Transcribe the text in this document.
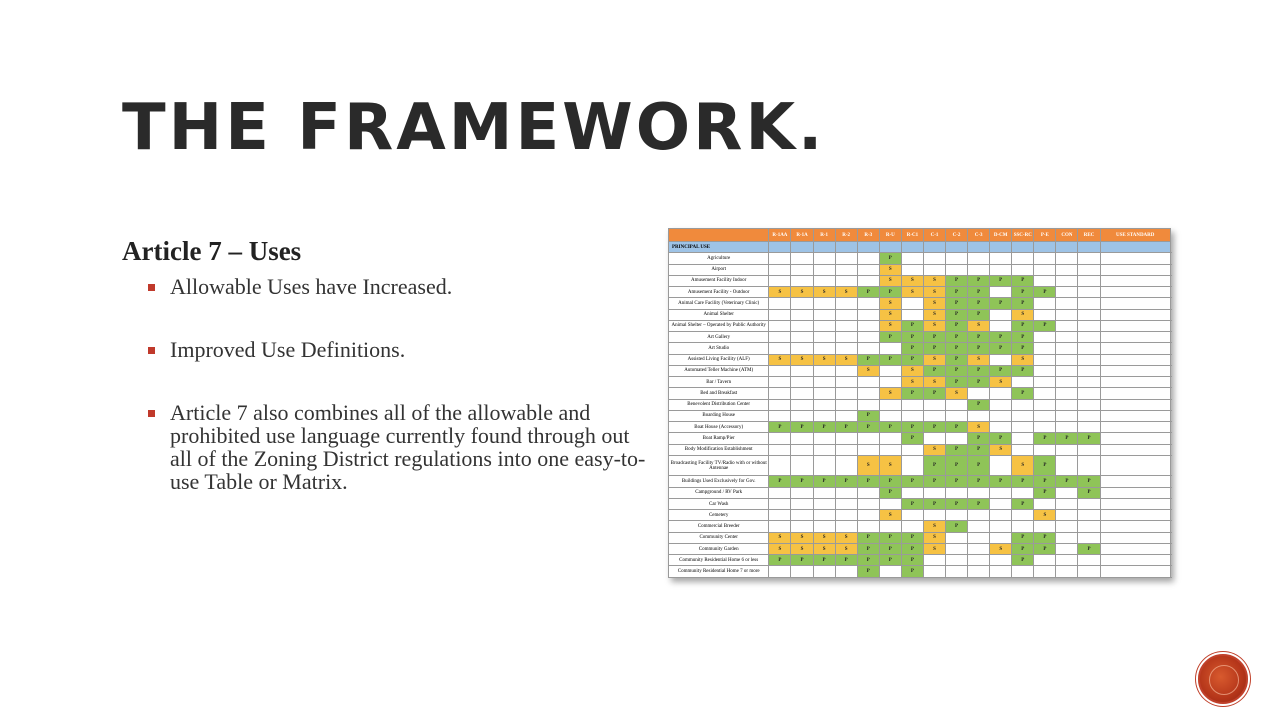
THE FRAMEWORK.
Article 7 – Uses
Allowable Uses have Increased.
Improved Use Definitions.
Article 7 also combines all of the allowable and prohibited use language currently found through out all of the Zoning District regulations into one easy-to-use Table or Matrix.
	R-1AA	R-1A	R-1	R-2	R-3	R-U	R-C1	C-1	C-2	C-3	D-CM	SSC-RC	P-E	CON	REC	USE STANDARD	
PRINCIPAL USE																	
Agriculture						P											
Airport						S											
Amusement Facility Indoor						S	S	S	P	P	P	P					
Amusement Facility - Outdoor	S	S	S	S	P	P	S	S	P	P		P	P				
Animal Care Facility (Veterinary Clinic)						S		S	P	P	P	P					
Animal Shelter						S		S	P	P		S					
Animal Shelter – Operated by Public Authority						S	P	S	P	S		P	P				
Art Gallery						P	P	P	P	P	P	P					
Art Studio							P	P	P	P	P	P					
Assisted Living Facility (ALF)	S	S	S	S	P	P	P	S	P	S		S					
Automated Teller Machine (ATM)					S		S	P	P	P	P	P					
Bar / Tavern							S	S	P	P	S						
Bed and Breakfast						S	P	P	S			P					
Benevolent Distribution Center										P							
Boarding House					P												
Boat House (Accessory)	P	P	P	P	P	P	P	P	P	S							
Boat Ramp/Pier							P			P	P		P	P	P		
Body Modification Establishment								S	P	P	S						
Broadcasting Facility TV/Radio with or without Antennae					S	S		P	P	P		S	P				
Buildings Used Exclusively for Gov.	P	P	P	P	P	P	P	P	P	P	P	P	P	P	P		
Campground / RV Park						P							P		P		
Car Wash							P	P	P	P		P					
Cemetery						S							S				
Commercial Breeder								S	P								
Community Center	S	S	S	S	P	P	P	S				P	P				
Community Garden	S	S	S	S	P	P	P	S			S	P	P		P		
Community Residential Home 6 or less	P	P	P	P	P	P	P					P					
Community Residential Home 7 or more					P		P										
